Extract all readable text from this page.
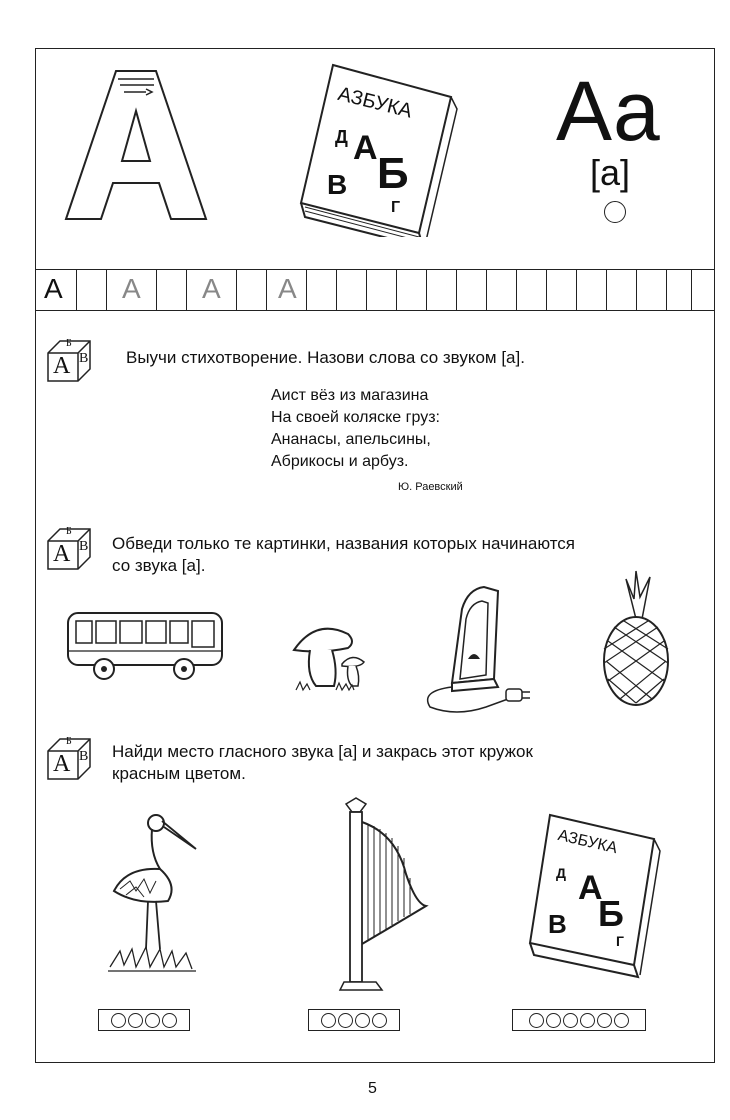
АЗБУКА
Д А
Б
В
Г
Аа
[а]
А А А А
Б
А В Выучи стихотворение. Назови слова со звуком [а].
Аист вёз из магазина
На своей коляске груз:
Ананасы, апельсины,
Абрикосы и арбуз.
Ю. Раевский
Б
А В Обведи только те картинки, названия которых начинаются
со звука [а].
Б
А В Найди место гласного звука [а] и закрась этот кружок
красным цветом.
АЗБУКА
Д А
Б
В
Г
5
